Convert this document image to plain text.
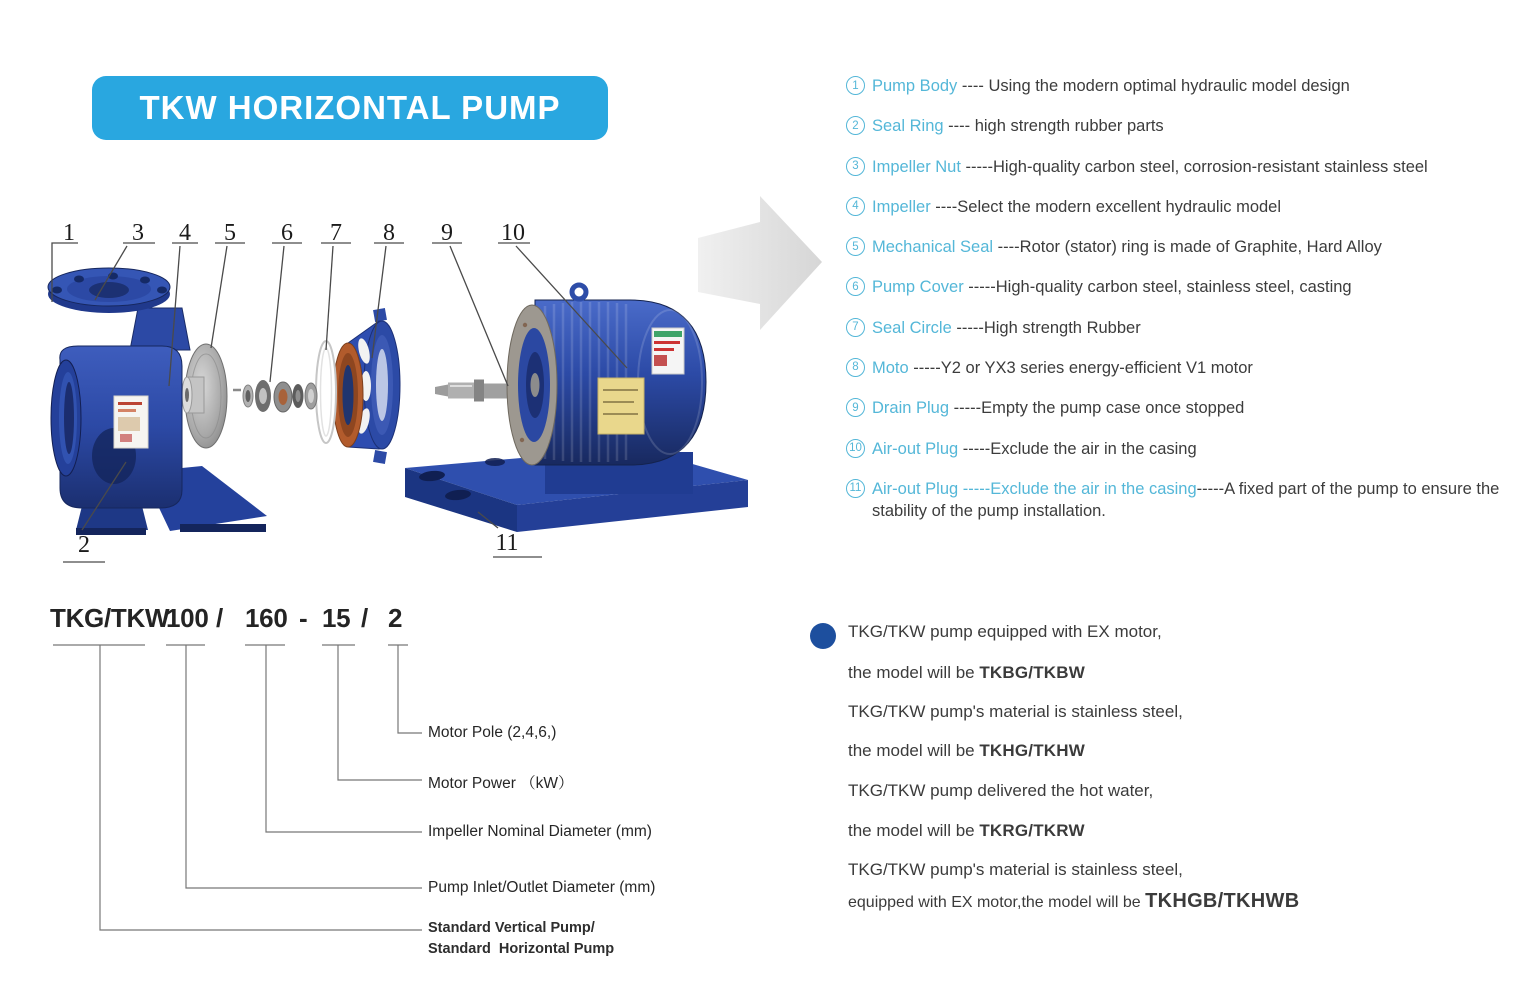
TKW HORIZONTAL PUMP
1 3 4 5 6 7 8 9 10
2	11
1 Pump Body ---- Using the modern optimal hydraulic model design
2 Seal Ring ---- high strength rubber parts
3 Impeller Nut -----High-quality carbon steel, corrosion-resistant stainless steel
4 Impeller ----Select the modern excellent hydraulic model
5 Mechanical Seal ----Rotor (stator) ring is made of Graphite, Hard Alloy
6 Pump Cover -----High-quality carbon steel, stainless steel, casting
7 Seal Circle -----High strength Rubber
8 Moto -----Y2 or YX3 series energy-efficient V1 motor
9 Drain Plug -----Empty the pump case once stopped
10 Air-out Plug -----Exclude the air in the casing
11 Air-out Plug -----Exclude the air in the casing-----A fixed part of the pump to ensure the stability of the pump installation.
TKG/TKW
100 / 160 - 15 / 2
Motor Pole (2,4,6,)
Motor Power （kW）
Impeller Nominal Diameter (mm)
Pump Inlet/Outlet Diameter (mm)
Standard Vertical Pump/
Standard  Horizontal Pump
TKG/TKW pump equipped with EX motor,
the model will be TKBG/TKBW
TKG/TKW pump's material is stainless steel,
the model will be TKHG/TKHW
TKG/TKW pump delivered the hot water,
the model will be TKRG/TKRW
TKG/TKW pump's material is stainless steel,
equipped with EX motor,the model will be TKHGB/TKHWB
